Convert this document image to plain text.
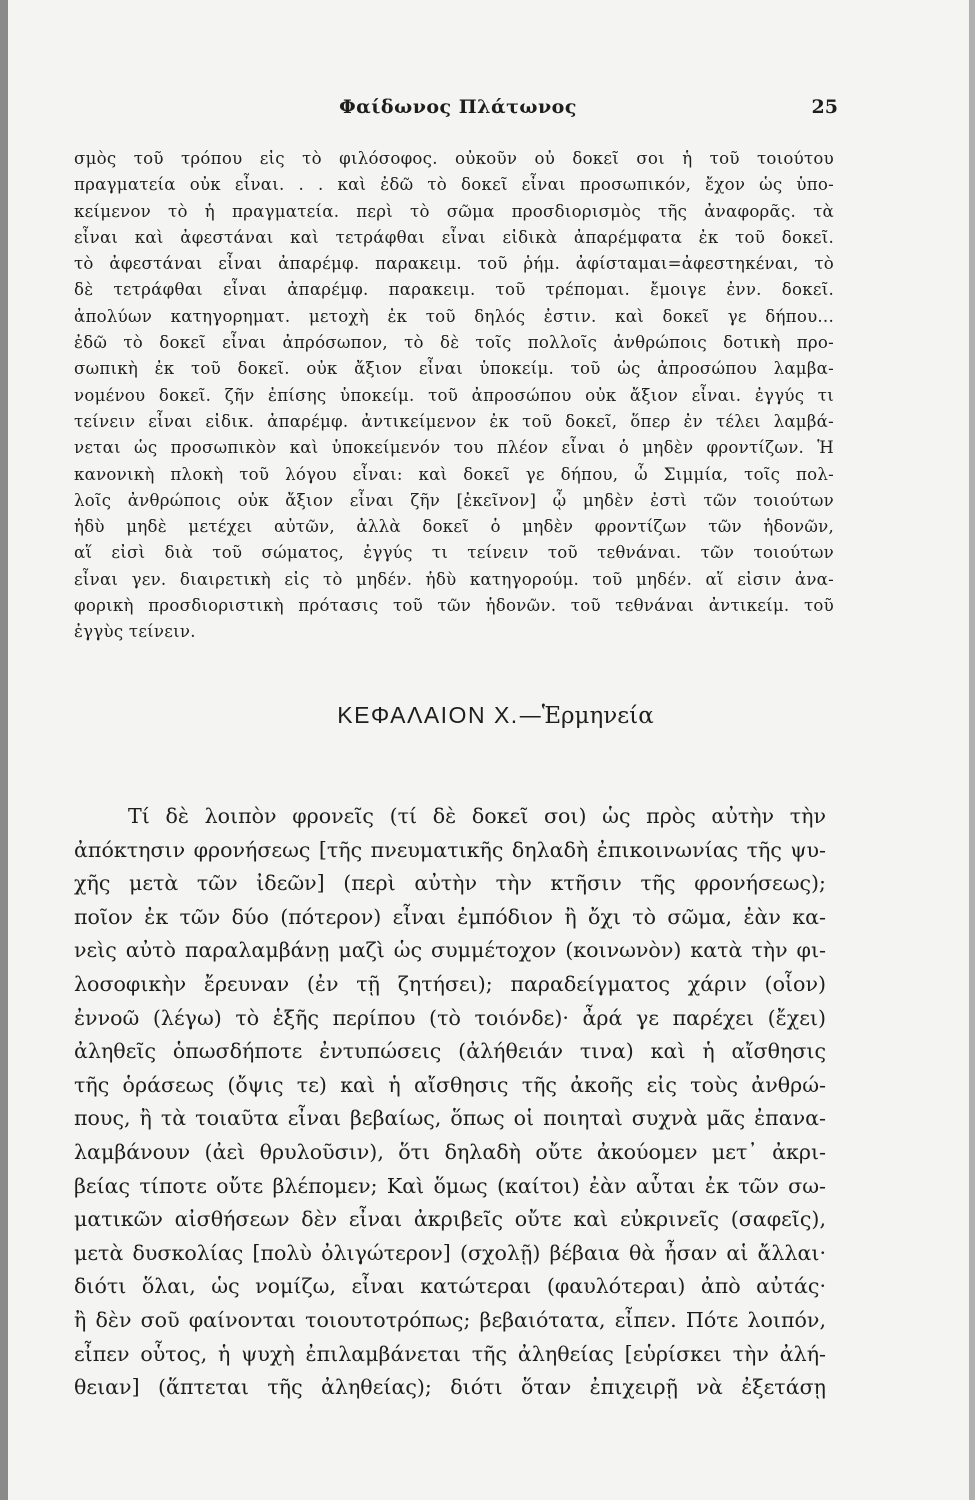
Φαίδωνος Πλάτωνος	25
σμὸς τοῦ τρόπου εἰς τὸ φιλόσοφος. οὐκοῦν οὐ δοκεῖ σοι ἡ τοῦ τοιούτου
πραγματεία οὐκ εἶναι. . . καὶ ἐδῶ τὸ δοκεῖ εἶναι προσωπικόν, ἔχον ὡς ὑπο-
κείμενον τὸ ἡ πραγματεία. περὶ τὸ σῶμα προσδιορισμὸς τῆς ἀναφορᾶς. τὰ
εἶναι καὶ ἀφεστάναι καὶ τετράφθαι εἶναι εἰδικὰ ἀπαρέμφατα ἐκ τοῦ δοκεῖ.
τὸ ἀφεστάναι εἶναι ἀπαρέμφ. παρακειμ. τοῦ ῥήμ. ἀφίσταμαι=ἀφεστηκέναι, τὸ
δὲ τετράφθαι εἶναι ἀπαρέμφ. παρακειμ. τοῦ τρέπομαι. ἔμοιγε ἐνν. δοκεῖ.
ἀπολύων κατηγορηματ. μετοχὴ ἐκ τοῦ δηλός ἐστιν. καὶ δοκεῖ γε δήπου...
ἐδῶ τὸ δοκεῖ εἶναι ἀπρόσωπον, τὸ δὲ τοῖς πολλοῖς ἀνθρώποις δοτικὴ προ-
σωπικὴ ἐκ τοῦ δοκεῖ. οὐκ ἄξιον εἶναι ὑποκείμ. τοῦ ὡς ἀπροσώπου λαμβα-
νομένου δοκεῖ. ζῆν ἐπίσης ὑποκείμ. τοῦ ἀπροσώπου οὐκ ἄξιον εἶναι. ἐγγύς τι
τείνειν εἶναι εἰδικ. ἀπαρέμφ. ἀντικείμενον ἐκ τοῦ δοκεῖ, ὅπερ ἐν τέλει λαμβά-
νεται ὡς προσωπικὸν καὶ ὑποκείμενόν του πλέον εἶναι ὁ μηδὲν φροντίζων. Ἡ
κανονικὴ πλοκὴ τοῦ λόγου εἶναι: καὶ δοκεῖ γε δήπου, ὦ Σιμμία, τοῖς πολ-
λοῖς ἀνθρώποις οὐκ ἄξιον εἶναι ζῆν [ἐκεῖνον] ᾧ μηδὲν ἐστὶ τῶν τοιούτων
ἡδὺ μηδὲ μετέχει αὐτῶν, ἀλλὰ δοκεῖ ὁ μηδὲν φροντίζων τῶν ἡδονῶν,
αἵ εἰσὶ διὰ τοῦ σώματος, ἐγγύς τι τείνειν τοῦ τεθνάναι. τῶν τοιούτων
εἶναι γεν. διαιρετικὴ εἰς τὸ μηδέν. ἡδὺ κατηγορούμ. τοῦ μηδέν. αἵ εἰσιν ἀνα-
φορικὴ προσδιοριστικὴ πρότασις τοῦ τῶν ἡδονῶν. τοῦ τεθνάναι ἀντικείμ. τοῦ
ἐγγὺς τείνειν.
ΚΕΦΑΛΑΙΟΝ Χ.—Ἑρμηνεία
Τί δὲ λοιπὸν φρονεῖς (τί δὲ δοκεῖ σοι) ὡς πρὸς αὐτὴν τὴν
ἀπόκτησιν φρονήσεως [τῆς πνευματικῆς δηλαδὴ ἐπικοινωνίας τῆς ψυ-
χῆς μετὰ τῶν ἰδεῶν] (περὶ αὐτὴν τὴν κτῆσιν τῆς φρονήσεως);
ποῖον ἐκ τῶν δύο (πότερον) εἶναι ἐμπόδιον ἢ ὄχι τὸ σῶμα, ἐὰν κα-
νεὶς αὐτὸ παραλαμβάνῃ μαζὶ ὡς συμμέτοχον (κοινωνὸν) κατὰ τὴν φι-
λοσοφικὴν ἔρευναν (ἐν τῇ ζητήσει); παραδείγματος χάριν (οἷον)
ἐννοῶ (λέγω) τὸ ἑξῆς περίπου (τὸ τοιόνδε)· ἆρά γε παρέχει (ἔχει)
ἀληθεῖς ὁπωσδήποτε ἐντυπώσεις (ἀλήθειάν τινα) καὶ ἡ αἴσθησις
τῆς ὁράσεως (ὄψις τε) καὶ ἡ αἴσθησις τῆς ἀκοῆς εἰς τοὺς ἀνθρώ-
πους, ἢ τὰ τοιαῦτα εἶναι βεβαίως, ὅπως οἱ ποιηταὶ συχνὰ μᾶς ἐπανα-
λαμβάνουν (ἀεὶ θρυλοῦσιν), ὅτι δηλαδὴ οὔτε ἀκούομεν μετ᾽ ἀκρι-
βείας τίποτε οὔτε βλέπομεν; Καὶ ὅμως (καίτοι) ἐὰν αὗται ἐκ τῶν σω-
ματικῶν αἰσθήσεων δὲν εἶναι ἀκριβεῖς οὔτε καὶ εὐκρινεῖς (σαφεῖς),
μετὰ δυσκολίας [πολὺ ὀλιγώτερον] (σχολῇ) βέβαια θὰ ἦσαν αἱ ἄλλαι·
διότι ὅλαι, ὡς νομίζω, εἶναι κατώτεραι (φαυλότεραι) ἀπὸ αὐτάς·
ἢ δὲν σοῦ φαίνονται τοιουτοτρόπως; βεβαιότατα, εἶπεν. Πότε λοιπόν,
εἶπεν οὗτος, ἡ ψυχὴ ἐπιλαμβάνεται τῆς ἀληθείας [εὑρίσκει τὴν ἀλή-
θειαν] (ἅπτεται τῆς ἀληθείας); διότι ὅταν ἐπιχειρῇ νὰ ἐξετάσῃ
